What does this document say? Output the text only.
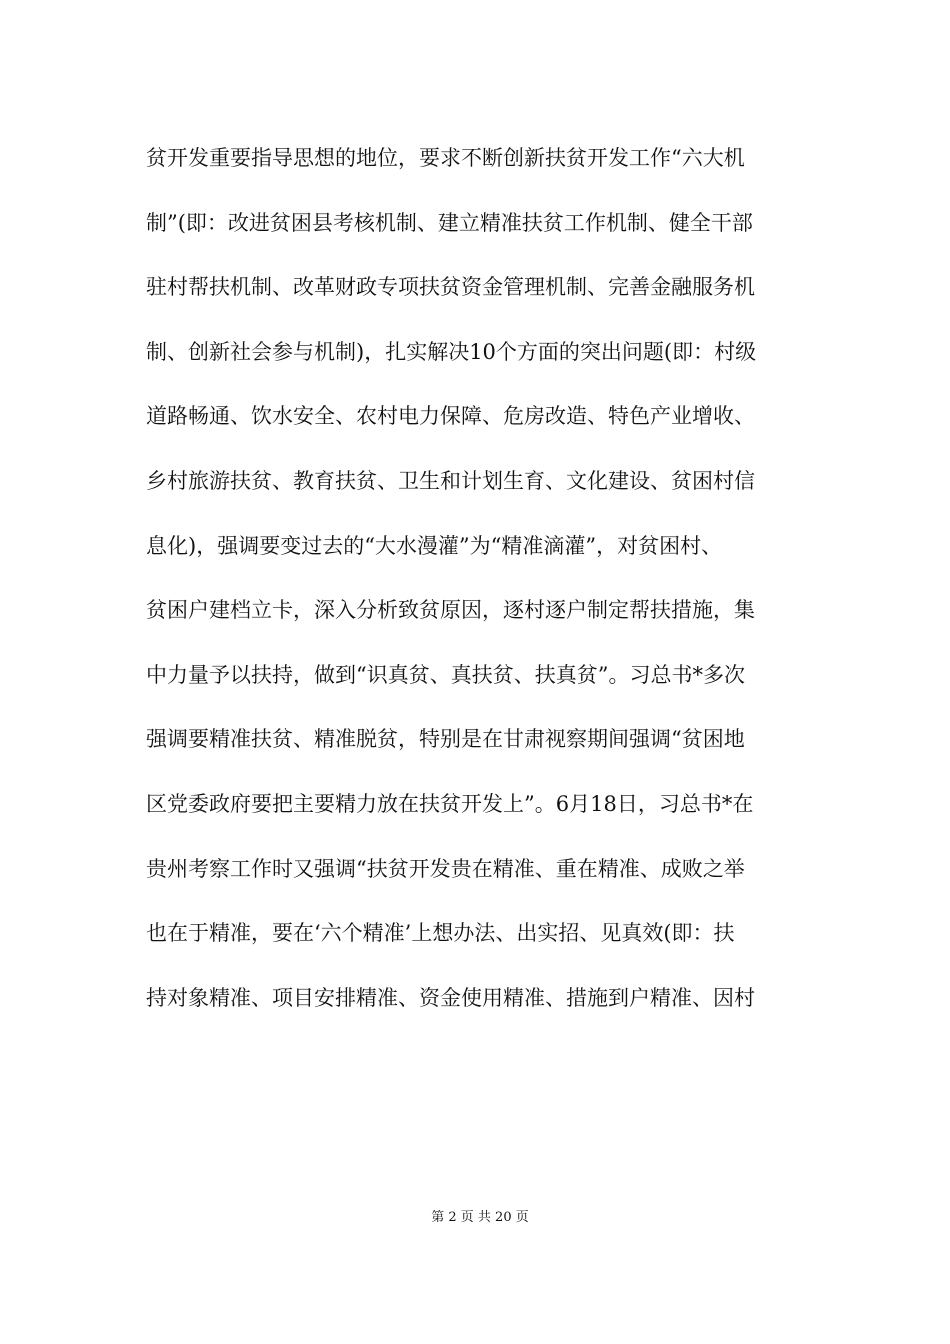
贫开发重要指导思想的地位，要求不断创新扶贫开发工作“六大机
制”(即：改进贫困县考核机制、建立精准扶贫工作机制、健全干部
驻村帮扶机制、改革财政专项扶贫资金管理机制、完善金融服务机
制、创新社会参与机制)，扎实解决10个方面的突出问题(即：村级
道路畅通、饮水安全、农村电力保障、危房改造、特色产业增收、
乡村旅游扶贫、教育扶贫、卫生和计划生育、文化建设、贫困村信
息化)，强调要变过去的“大水漫灌”为“精准滴灌”，对贫困村、
贫困户建档立卡，深入分析致贫原因，逐村逐户制定帮扶措施，集
中力量予以扶持，做到“识真贫、真扶贫、扶真贫”。习总书*多次
强调要精准扶贫、精准脱贫，特别是在甘肃视察期间强调“贫困地
区党委政府要把主要精力放在扶贫开发上”。6月18日，习总书*在
贵州考察工作时又强调“扶贫开发贵在精准、重在精准、成败之举
也在于精准，要在‘六个精准’上想办法、出实招、见真效(即：扶
持对象精准、项目安排精准、资金使用精准、措施到户精准、因村
第 2 页 共 20 页
